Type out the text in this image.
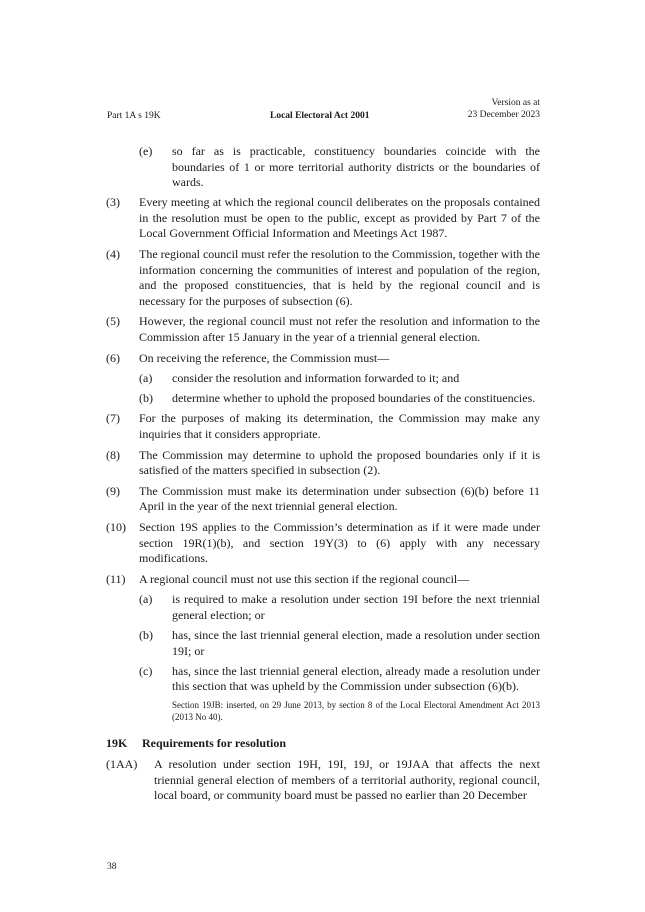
Part 1A s 19K	Local Electoral Act 2001
Version as at
23 December 2023
(e) so far as is practicable, constituency boundaries coincide with the boundaries of 1 or more territorial authority districts or the boundaries of wards.
(3) Every meeting at which the regional council deliberates on the proposals contained in the resolution must be open to the public, except as provided by Part 7 of the Local Government Official Information and Meetings Act 1987.
(4) The regional council must refer the resolution to the Commission, together with the information concerning the communities of interest and population of the region, and the proposed constituencies, that is held by the regional council and is necessary for the purposes of subsection (6).
(5) However, the regional council must not refer the resolution and information to the Commission after 15 January in the year of a triennial general election.
(6) On receiving the reference, the Commission must—
(a) consider the resolution and information forwarded to it; and
(b) determine whether to uphold the proposed boundaries of the constituencies.
(7) For the purposes of making its determination, the Commission may make any inquiries that it considers appropriate.
(8) The Commission may determine to uphold the proposed boundaries only if it is satisfied of the matters specified in subsection (2).
(9) The Commission must make its determination under subsection (6)(b) before 11 April in the year of the next triennial general election.
(10) Section 19S applies to the Commission’s determination as if it were made under section 19R(1)(b), and section 19Y(3) to (6) apply with any necessary modifications.
(11) A regional council must not use this section if the regional council—
(a) is required to make a resolution under section 19I before the next triennial general election; or
(b) has, since the last triennial general election, made a resolution under section 19I; or
(c) has, since the last triennial general election, already made a resolution under this section that was upheld by the Commission under subsection (6)(b).
Section 19JB: inserted, on 29 June 2013, by section 8 of the Local Electoral Amendment Act 2013 (2013 No 40).
19K Requirements for resolution
(1AA) A resolution under section 19H, 19I, 19J, or 19JAA that affects the next triennial general election of members of a territorial authority, regional council, local board, or community board must be passed no earlier than 20 December
38
